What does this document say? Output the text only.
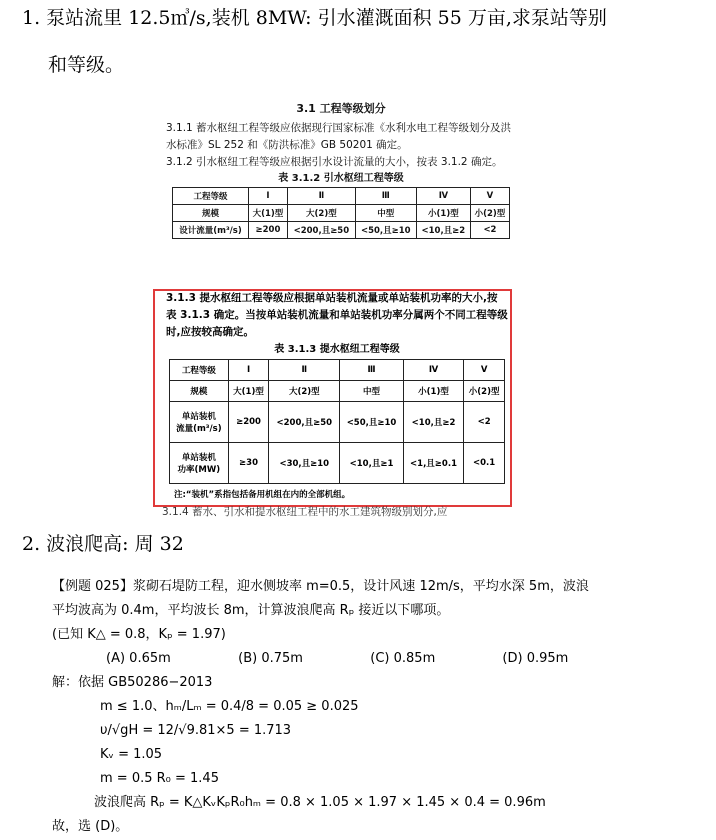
1. 泵站流里 12.5㎥/s,装机 8MW: 引水灌溉面积 55 万亩,求泵站等别
和等级。
3.1 工程等级划分
3.1.1 蓄水枢纽工程等级应依据现行国家标准《水利水电工程等级划分及洪水标准》SL 252 和《防洪标准》GB 50201 确定。
3.1.2 引水枢纽工程等级应根据引水设计流量的大小，按表 3.1.2 确定。
表 3.1.2 引水枢纽工程等级
工程等级	Ⅰ	Ⅱ	Ⅲ	Ⅳ	Ⅴ
规模	大(1)型	大(2)型	中型	小(1)型	小(2)型
设计流量(m³/s)	≥200	<200,且≥50	<50,且≥10	<10,且≥2	<2
3.1.3 提水枢纽工程等级应根据单站装机流量或单站装机功率的大小,按表 3.1.3 确定。当按单站装机流量和单站装机功率分属两个不同工程等级时,应按较高确定。
表 3.1.3 提水枢纽工程等级
工程等级	Ⅰ	Ⅱ	Ⅲ	Ⅳ	Ⅴ
规模	大(1)型	大(2)型	中型	小(1)型	小(2)型
单站装机
流量(m³/s)	≥200	<200,且≥50	<50,且≥10	<10,且≥2	<2
单站装机
功率(MW)	≥30	<30,且≥10	<10,且≥1	<1,且≥0.1	<0.1
注:“装机”系指包括备用机组在内的全部机组。
3.1.4 蓄水、引水和提水枢纽工程中的水工建筑物级别划分,应
2. 波浪爬高: 周 32
【例题 025】浆砌石堤防工程，迎水侧坡率 m=0.5，设计风速 12m/s，平均水深 5m，波浪
平均波高为 0.4m，平均波长 8m，计算波浪爬高 Rₚ 接近以下哪项。
(已知 K△ = 0.8，Kₚ = 1.97)
(A) 0.65m	(B) 0.75m	(C) 0.85m	(D) 0.95m
解：依据 GB50286−2013
m ≤ 1.0、hₘ/Lₘ = 0.4/8 = 0.05 ≥ 0.025
υ/√gH = 12/√9.81×5 = 1.713
Kᵥ = 1.05
m = 0.5 R₀ = 1.45
波浪爬高 Rₚ = K△KᵥKₚR₀hₘ = 0.8 × 1.05 × 1.97 × 1.45 × 0.4 = 0.96m
故，选 (D)。
